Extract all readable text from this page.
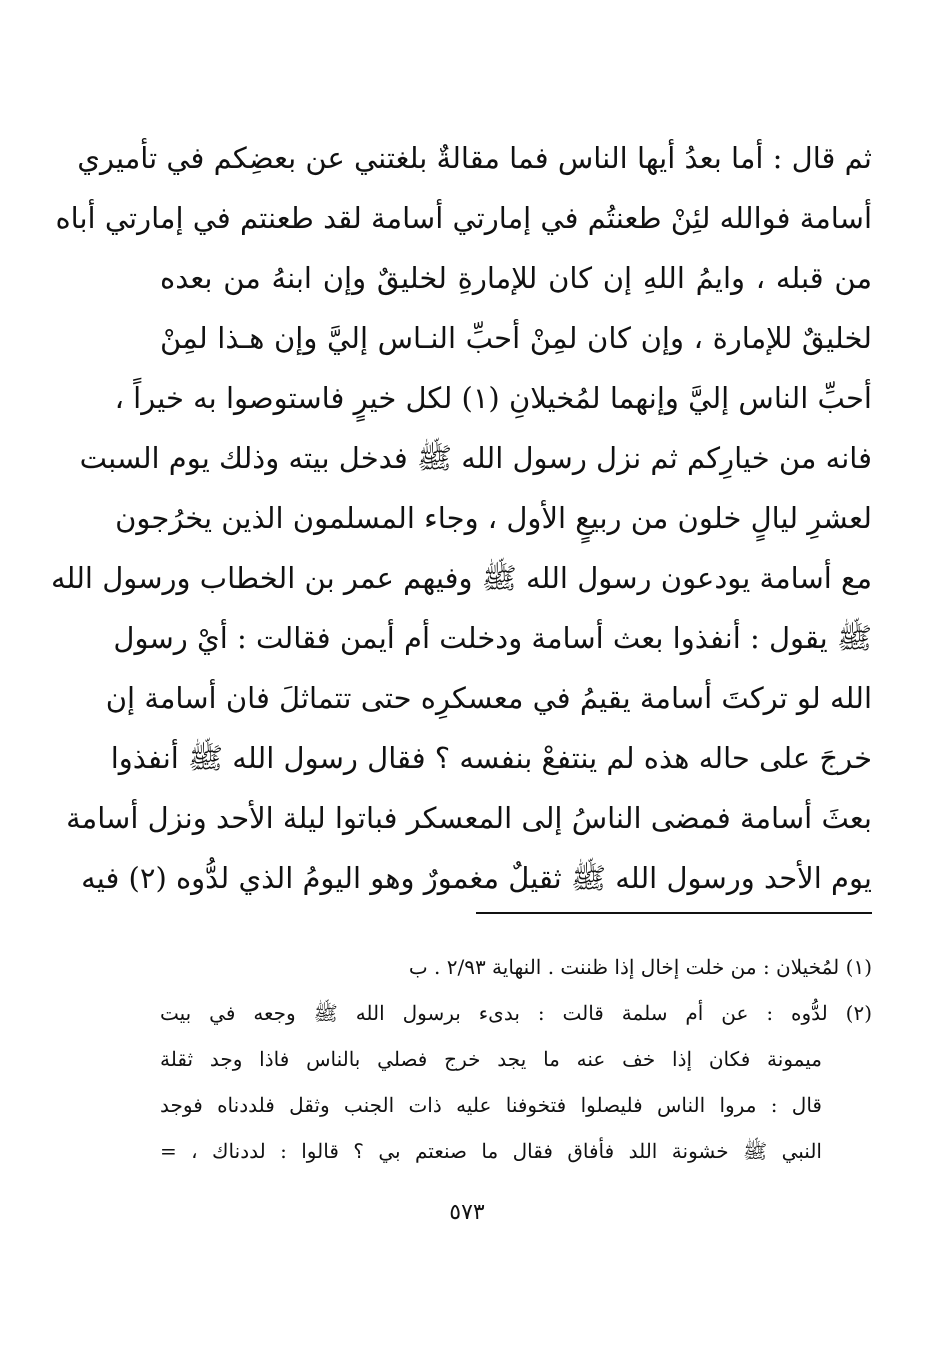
ثم قال : أما بعدُ أيها الناس فما مقالةٌ بلغتني عن بعضِكم في تأميري
أسامة فوالله لئِنْ طعنتُم في إمارتي أسامة لقد طعنتم في إمارتي أباه
من قبله ، وايمُ اللهِ إن كان للإمارةِ لخليقٌ وإن ابنهُ من بعده
لخليقٌ للإمارة ، وإن كان لمِنْ أحبِّ النـاس إليَّ وإن هـذا لمِنْ
أحبِّ الناس إليَّ وإنهما لمُخيلانِ (١) لكل خيرٍ فاستوصوا به خيراً ،
فانه من خيارِكم ثم نزل رسول الله ﷺ فدخل بيته وذلك يوم السبت
لعشرِ ليالٍ خلون من ربيعٍ الأول ، وجاء المسلمون الذين يخرُجون
مع أسامة يودعون رسول الله ﷺ وفيهم عمر بن الخطاب ورسول الله
ﷺ يقول : أنفذوا بعث أسامة ودخلت أم أيمن فقالت : أيْ رسول
الله لو تركتَ أسامة يقيمُ في معسكرِه حتى تتماثلَ فان أسامة إن
خرجَ على حاله هذه لم ينتفعْ بنفسه ؟ فقال رسول الله ﷺ أنفذوا
بعثَ أسامة فمضى الناسُ إلى المعسكر فباتوا ليلة الأحد ونزل أسامة
يوم الأحد ورسول الله ﷺ ثقيلٌ مغمورٌ وهو اليومُ الذي لدُّوه (٢) فيه
(١) لمُخيلان : من خلت إخال إذا ظننت . النهاية ٢/٩٣ . ب
(٢) لدُّوه : عن أم سلمة قالت : بدىء برسول الله ﷺ وجعه في بيت
ميمونة فكان إذا خف عنه ما يجد خرج فصلي بالناس فاذا وجد ثقلة
قال : مروا الناس فليصلوا فتخوفنا عليه ذات الجنب وثقل فلددناه فوجد
النبي ﷺ خشونة اللد فأفاق فقال ما صنعتم بي ؟ قالوا : لددناك ، =
٥٧٣
